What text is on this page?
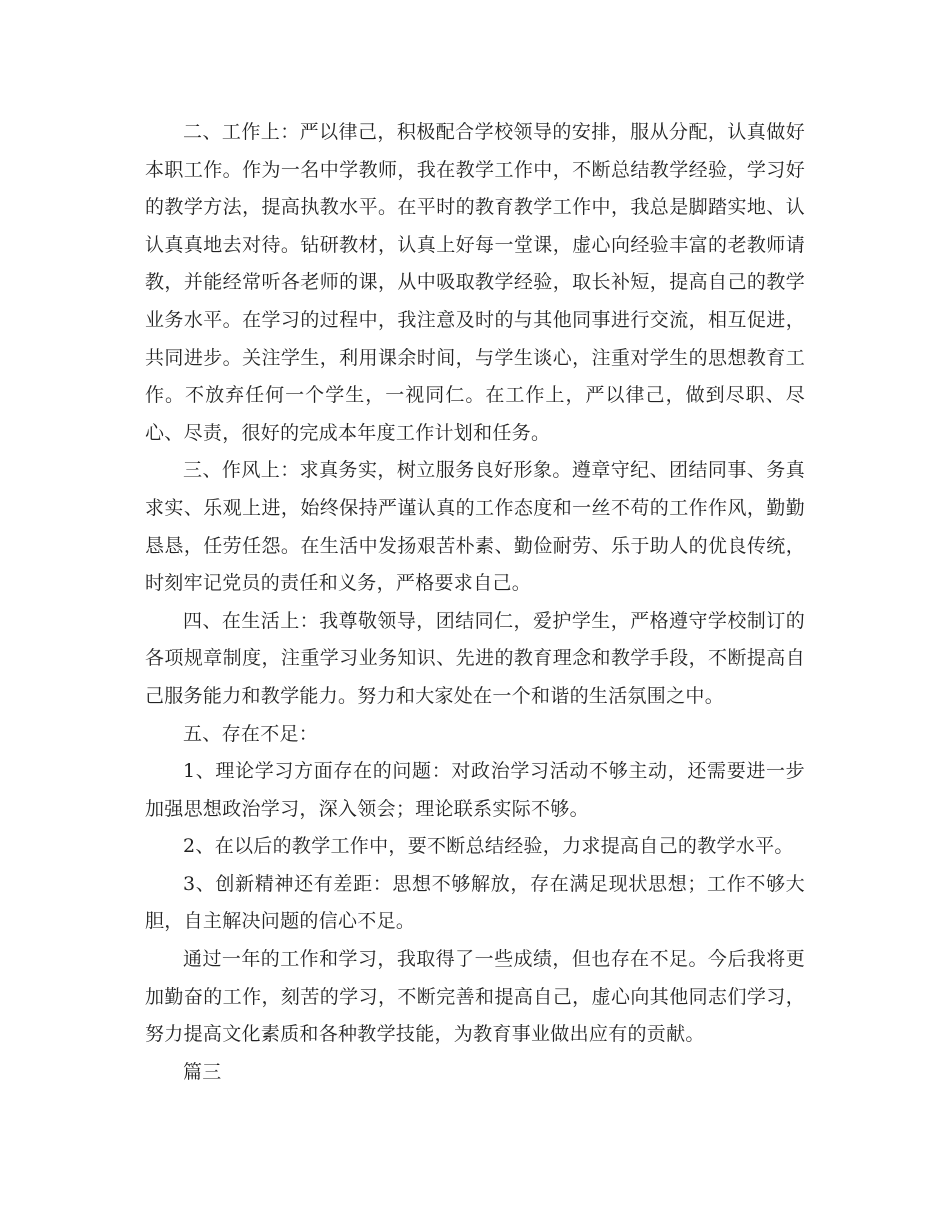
二、工作上：严以律己，积极配合学校领导的安排，服从分配，认真做好本职工作。作为一名中学教师，我在教学工作中，不断总结教学经验，学习好的教学方法，提高执教水平。在平时的教育教学工作中，我总是脚踏实地、认认真真地去对待。钻研教材，认真上好每一堂课，虚心向经验丰富的老教师请教，并能经常听各老师的课，从中吸取教学经验，取长补短，提高自己的教学业务水平。在学习的过程中，我注意及时的与其他同事进行交流，相互促进，共同进步。关注学生，利用课余时间，与学生谈心，注重对学生的思想教育工作。不放弃任何一个学生，一视同仁。在工作上，严以律己，做到尽职、尽心、尽责，很好的完成本年度工作计划和任务。

三、作风上：求真务实，树立服务良好形象。遵章守纪、团结同事、务真求实、乐观上进，始终保持严谨认真的工作态度和一丝不苟的工作作风，勤勤恳恳，任劳任怨。在生活中发扬艰苦朴素、勤俭耐劳、乐于助人的优良传统，时刻牢记党员的责任和义务，严格要求自己。

四、在生活上：我尊敬领导，团结同仁，爱护学生，严格遵守学校制订的各项规章制度，注重学习业务知识、先进的教育理念和教学手段，不断提高自己服务能力和教学能力。努力和大家处在一个和谐的生活氛围之中。

五、存在不足：

1、理论学习方面存在的问题：对政治学习活动不够主动，还需要进一步加强思想政治学习，深入领会；理论联系实际不够。

2、在以后的教学工作中，要不断总结经验，力求提高自己的教学水平。

3、创新精神还有差距：思想不够解放，存在满足现状思想；工作不够大胆，自主解决问题的信心不足。

通过一年的工作和学习，我取得了一些成绩，但也存在不足。今后我将更加勤奋的工作，刻苦的学习，不断完善和提高自己，虚心向其他同志们学习，努力提高文化素质和各种教学技能，为教育事业做出应有的贡献。

篇三
